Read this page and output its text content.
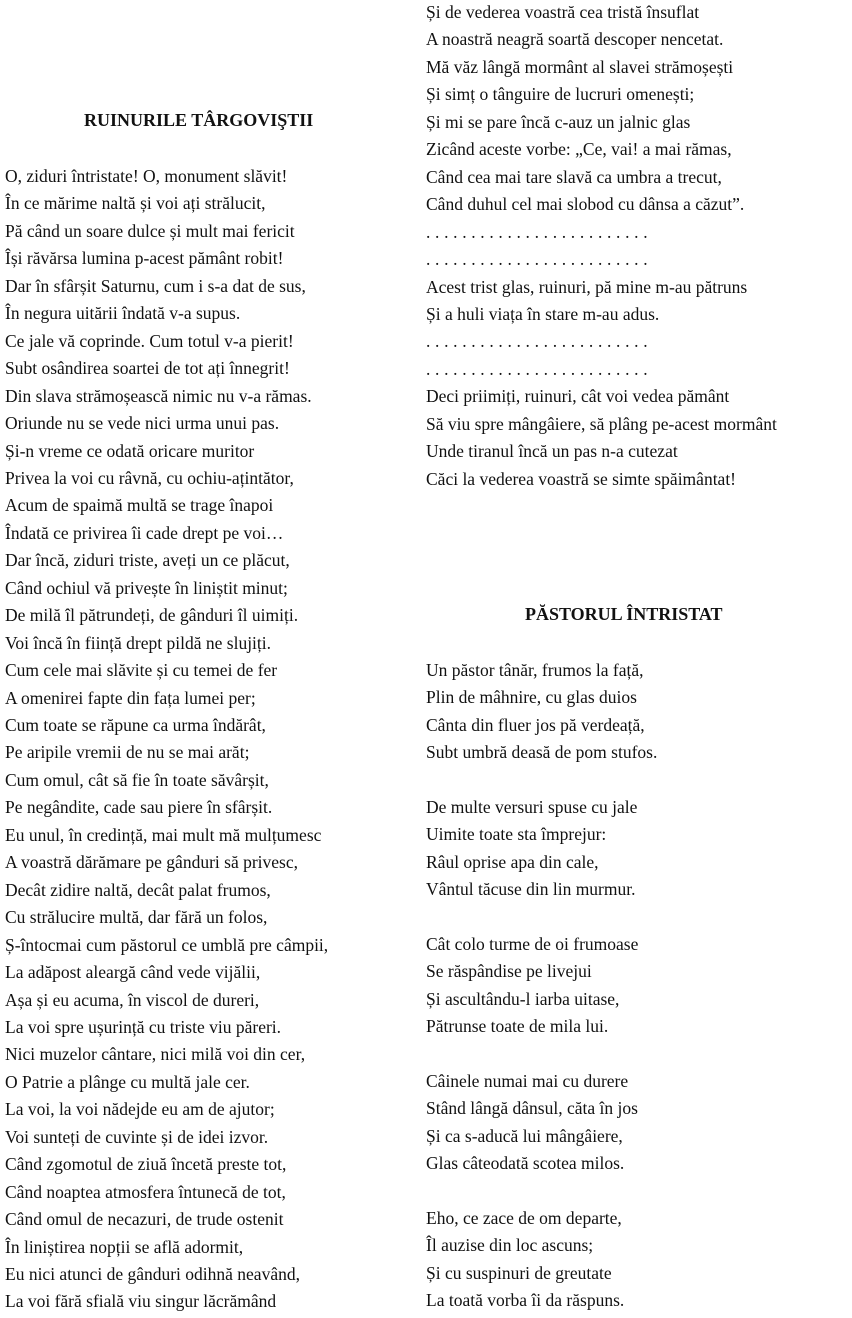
RUINURILE TÂRGOVIŞTII
O, ziduri întristate! O, monument slăvit!
În ce mărime naltă și voi ați strălucit,
Pă când un soare dulce și mult mai fericit
Își răvărsa lumina p-acest pământ robit!
Dar în sfârșit Saturnu, cum i s-a dat de sus,
În negura uitării îndată v-a supus.
Ce jale vă coprinde. Cum totul v-a pierit!
Subt osândirea soartei de tot ați înnegrit!
Din slava strămoșească nimic nu v-a rămas.
Oriunde nu se vede nici urma unui pas.
Și-n vreme ce odată oricare muritor
Privea la voi cu râvnă, cu ochiu-ațintător,
Acum de spaimă multă se trage înapoi
Îndată ce privirea îi cade drept pe voi…
Dar încă, ziduri triste, aveți un ce plăcut,
Când ochiul vă privește în liniștit minut;
De milă îl pătrundeți, de gânduri îl uimiți.
Voi încă în ființă drept pildă ne slujiți.
Cum cele mai slăvite și cu temei de fer
A omenirei fapte din fața lumei per;
Cum toate se răpune ca urma îndărât,
Pe aripile vremii de nu se mai arăt;
Cum omul, cât să fie în toate săvârșit,
Pe negândite, cade sau piere în sfârșit.
Eu unul, în credință, mai mult mă mulțumesc
A voastră dărămare pe gânduri să privesc,
Decât zidire naltă, decât palat frumos,
Cu strălucire multă, dar fără un folos,
Ș-întocmai cum păstorul ce umblă pre câmpii,
La adăpost aleargă când vede vijălii,
Așa și eu acuma, în viscol de dureri,
La voi spre ușurință cu triste viu păreri.
Nici muzelor cântare, nici milă voi din cer,
O Patrie a plânge cu multă jale cer.
La voi, la voi nădejde eu am de ajutor;
Voi sunteți de cuvinte și de idei izvor.
Când zgomotul de ziuă încetă preste tot,
Când noaptea atmosfera întunecă de tot,
Când omul de necazuri, de trude ostenit
În liniștirea nopții se află adormit,
Eu nici atunci de gânduri odihnă neavând,
La voi fără sfială viu singur lăcrămând
Și de vederea voastră cea tristă însuflat
A noastră neagră soartă descoper nencetat.
Mă văz lângă mormânt al slavei strămoșești
Și simț o tânguire de lucruri omenești;
Și mi se pare încă c-auz un jalnic glas
Zicând aceste vorbe: „Ce, vai! a mai rămas,
Când cea mai tare slavă ca umbra a trecut,
Când duhul cel mai slobod cu dânsa a căzut”.
. . . . . . . . . . . . . . . . . . . . . . . . .
. . . . . . . . . . . . . . . . . . . . . . . . .
Acest trist glas, ruinuri, pă mine m-au pătruns
Și a huli viața în stare m-au adus.
. . . . . . . . . . . . . . . . . . . . . . . . .
. . . . . . . . . . . . . . . . . . . . . . . . .
Deci priimiți, ruinuri, cât voi vedea pământ
Să viu spre mângâiere, să plâng pe-acest mormânt
Unde tiranul încă un pas n-a cutezat
Căci la vederea voastră se simte spăimântat!
PĂSTORUL ÎNTRISTAT
Un păstor tânăr, frumos la față,
Plin de mâhnire, cu glas duios
Cânta din fluer jos pă verdeață,
Subt umbră deasă de pom stufos.
De multe versuri spuse cu jale
Uimite toate sta împrejur:
Râul oprise apa din cale,
Vântul tăcuse din lin murmur.
Cât colo turme de oi frumoase
Se răspândise pe livejui
Și ascultându-l iarba uitase,
Pătrunse toate de mila lui.
Câinele numai mai cu durere
Stând lângă dânsul, căta în jos
Și ca s-aducă lui mângâiere,
Glas câteodată scotea milos.
Eho, ce zace de om departe,
Îl auzise din loc ascuns;
Și cu suspinuri de greutate
La toată vorba îi da răspuns.
